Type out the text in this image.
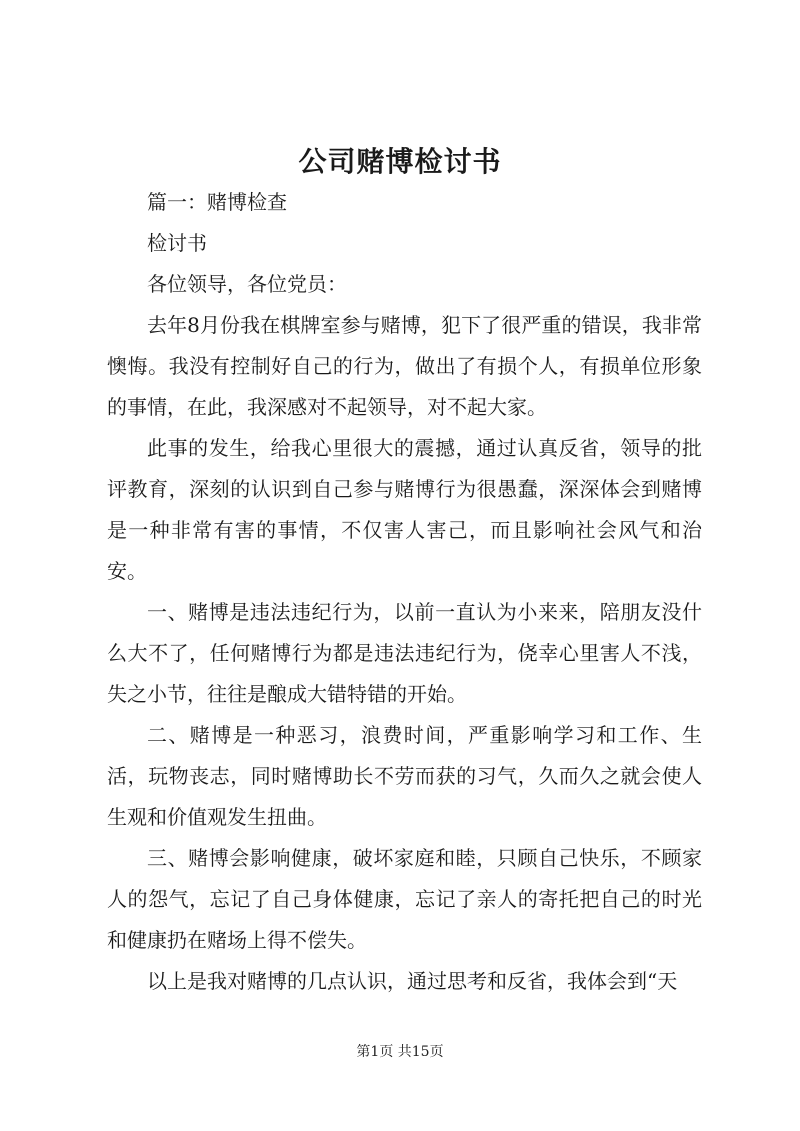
公司赌博检讨书

篇一：赌博检查

检讨书

各位领导，各位党员：

去年8月份我在棋牌室参与赌博，犯下了很严重的错误，我非常懊悔。我没有控制好自己的行为，做出了有损个人，有损单位形象的事情，在此，我深感对不起领导，对不起大家。

此事的发生，给我心里很大的震撼，通过认真反省，领导的批评教育，深刻的认识到自己参与赌博行为很愚蠢，深深体会到赌博是一种非常有害的事情，不仅害人害己，而且影响社会风气和治安。

一、赌博是违法违纪行为，以前一直认为小来来，陪朋友没什么大不了，任何赌博行为都是违法违纪行为，侥幸心里害人不浅，失之小节，往往是酿成大错特错的开始。

二、赌博是一种恶习，浪费时间，严重影响学习和工作、生活，玩物丧志，同时赌博助长不劳而获的习气，久而久之就会使人生观和价值观发生扭曲。

三、赌博会影响健康，破坏家庭和睦，只顾自己快乐，不顾家人的怨气，忘记了自己身体健康，忘记了亲人的寄托把自己的时光和健康扔在赌场上得不偿失。

以上是我对赌博的几点认识，通过思考和反省，我体会到“天

第1页 共15页
